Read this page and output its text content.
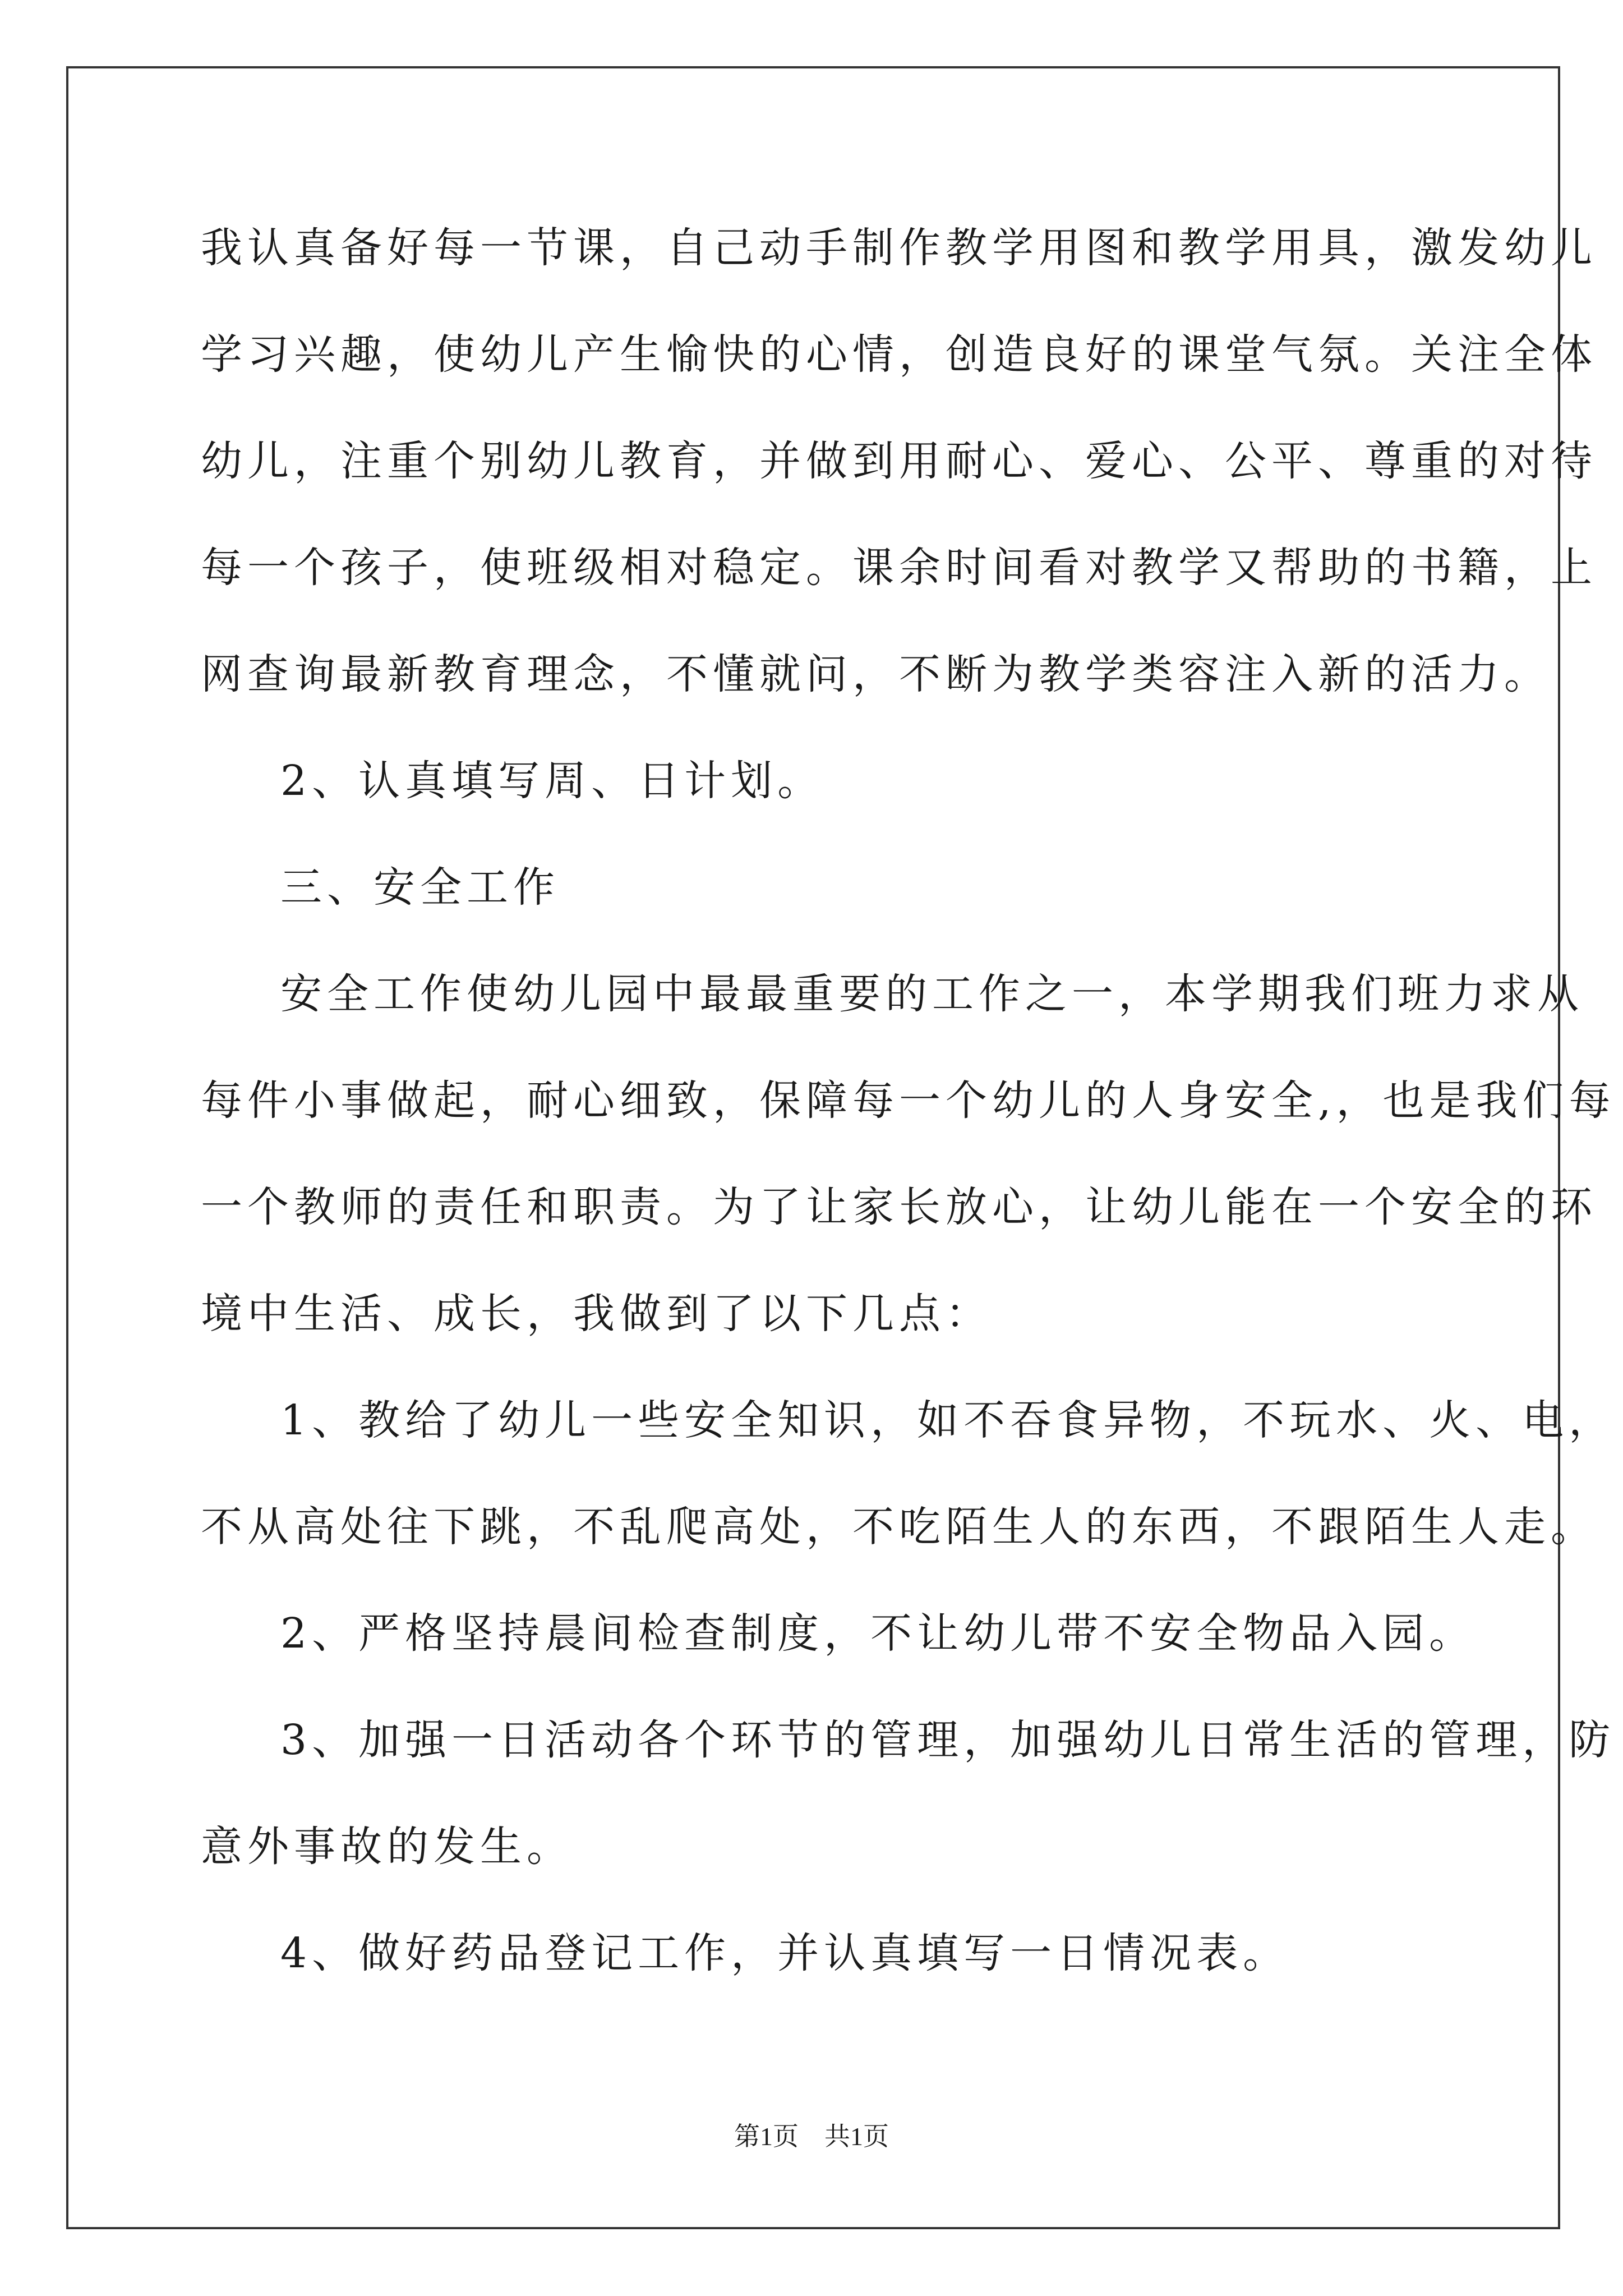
我认真备好每一节课，自己动手制作教学用图和教学用具，激发幼儿

学习兴趣，使幼儿产生愉快的心情，创造良好的课堂气氛。关注全体

幼儿，注重个别幼儿教育，并做到用耐心、爱心、公平、尊重的对待

每一个孩子，使班级相对稳定。课余时间看对教学又帮助的书籍，上

网查询最新教育理念，不懂就问，不断为教学类容注入新的活力。

2、认真填写周、日计划。

三、安全工作

安全工作使幼儿园中最最重要的工作之一，本学期我们班力求从

每件小事做起，耐心细致，保障每一个幼儿的人身安全,，也是我们每

一个教师的责任和职责。为了让家长放心，让幼儿能在一个安全的环

境中生活、成长，我做到了以下几点：

1、教给了幼儿一些安全知识，如不吞食异物，不玩水、火、电，

不从高处往下跳，不乱爬高处，不吃陌生人的东西，不跟陌生人走。

2、严格坚持晨间检查制度，不让幼儿带不安全物品入园。

3、加强一日活动各个环节的管理，加强幼儿日常生活的管理，防

意外事故的发生。

4、做好药品登记工作，并认真填写一日情况表。

第1页　共1页
